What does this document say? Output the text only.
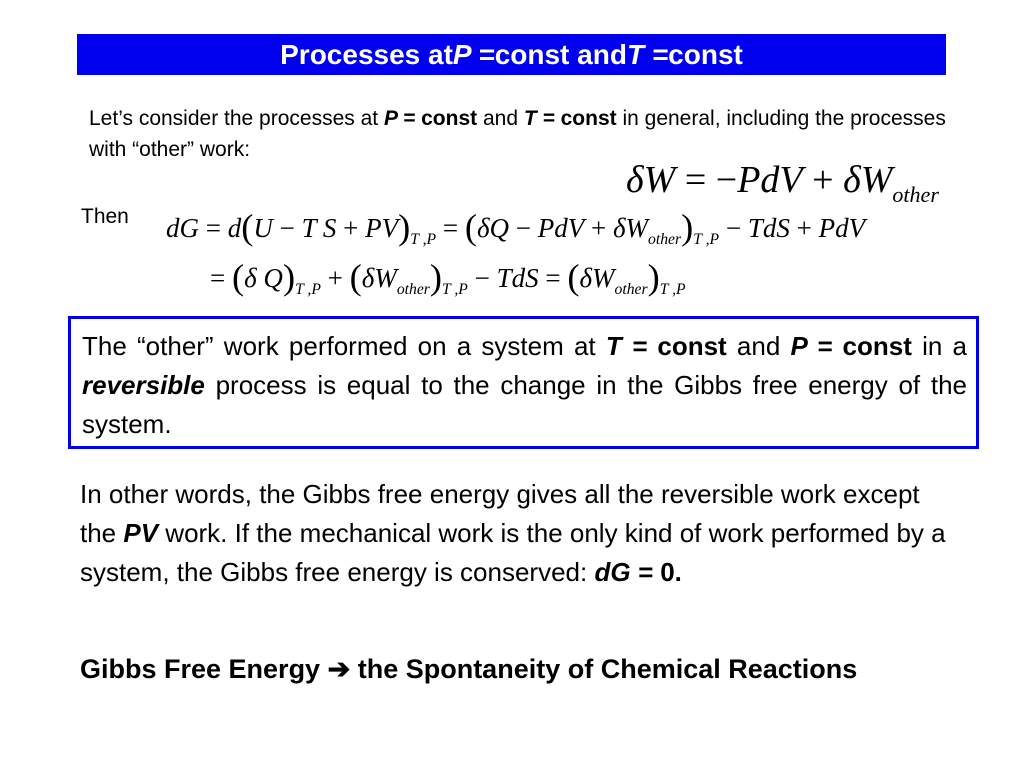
Processes at P = const and T = const
Let’s consider the processes at P = const and T = const in general, including the processes with “other” work:
$\delta W = -PdV + \delta W_{other}$
Then dG = d(U − T $S + PV)_{T ,P} = (\delta Q$ − PdV + $\delta W_{other})_{T ,P}$ − TdS + PdV
= (δ $Q)_{T ,P} + (\delta W_{other})_{T ,P}$ − TdS = $(\delta W_{other})_{T ,P}$
The “other” work performed on a system at T = const and P = const in a reversible process is equal to the change in the Gibbs free energy of the system.
In other words, the Gibbs free energy gives all the reversible work except the PV work. If the mechanical work is the only kind of work performed by a system, the Gibbs free energy is conserved: dG = 0.
Gibbs Free Energy ➔ the Spontaneity of Chemical Reactions
